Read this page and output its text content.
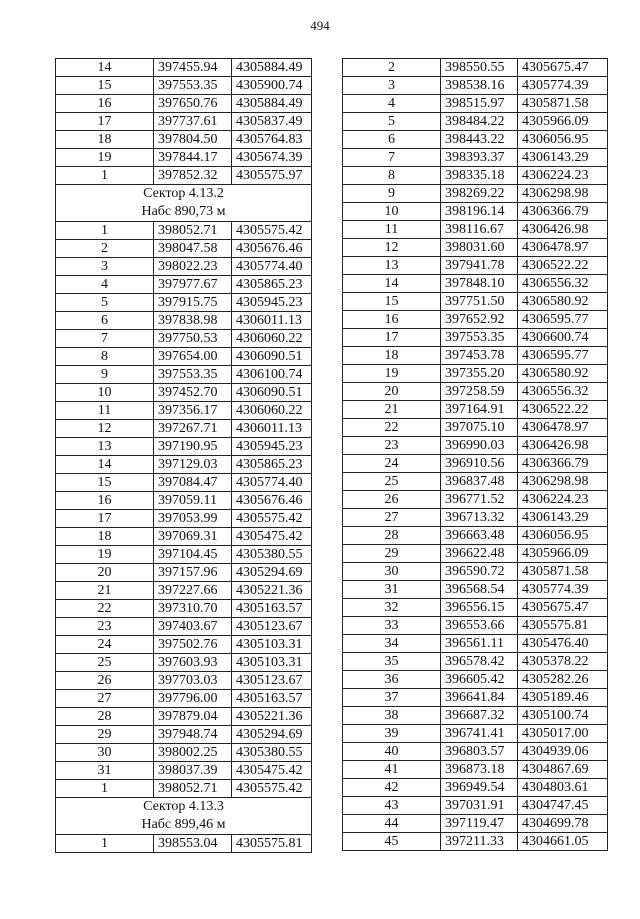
494
14	397455.94	4305884.49
15	397553.35	4305900.74
16	397650.76	4305884.49
17	397737.61	4305837.49
18	397804.50	4305764.83
19	397844.17	4305674.39
1	397852.32	4305575.97
Сектор 4.13.2		
Набс 890,73 м		
1	398052.71	4305575.42
2	398047.58	4305676.46
3	398022.23	4305774.40
4	397977.67	4305865.23
5	397915.75	4305945.23
6	397838.98	4306011.13
7	397750.53	4306060.22
8	397654.00	4306090.51
9	397553.35	4306100.74
10	397452.70	4306090.51
11	397356.17	4306060.22
12	397267.71	4306011.13
13	397190.95	4305945.23
14	397129.03	4305865.23
15	397084.47	4305774.40
16	397059.11	4305676.46
17	397053.99	4305575.42
18	397069.31	4305475.42
19	397104.45	4305380.55
20	397157.96	4305294.69
21	397227.66	4305221.36
22	397310.70	4305163.57
23	397403.67	4305123.67
24	397502.76	4305103.31
25	397603.93	4305103.31
26	397703.03	4305123.67
27	397796.00	4305163.57
28	397879.04	4305221.36
29	397948.74	4305294.69
30	398002.25	4305380.55
31	398037.39	4305475.42
1	398052.71	4305575.42
Сектор 4.13.3		
Набс 899,46 м		
1	398553.04	4305575.81
2	398550.55	4305675.47
3	398538.16	4305774.39
4	398515.97	4305871.58
5	398484.22	4305966.09
6	398443.22	4306056.95
7	398393.37	4306143.29
8	398335.18	4306224.23
9	398269.22	4306298.98
10	398196.14	4306366.79
11	398116.67	4306426.98
12	398031.60	4306478.97
13	397941.78	4306522.22
14	397848.10	4306556.32
15	397751.50	4306580.92
16	397652.92	4306595.77
17	397553.35	4306600.74
18	397453.78	4306595.77
19	397355.20	4306580.92
20	397258.59	4306556.32
21	397164.91	4306522.22
22	397075.10	4306478.97
23	396990.03	4306426.98
24	396910.56	4306366.79
25	396837.48	4306298.98
26	396771.52	4306224.23
27	396713.32	4306143.29
28	396663.48	4306056.95
29	396622.48	4305966.09
30	396590.72	4305871.58
31	396568.54	4305774.39
32	396556.15	4305675.47
33	396553.66	4305575.81
34	396561.11	4305476.40
35	396578.42	4305378.22
36	396605.42	4305282.26
37	396641.84	4305189.46
38	396687.32	4305100.74
39	396741.41	4305017.00
40	396803.57	4304939.06
41	396873.18	4304867.69
42	396949.54	4304803.61
43	397031.91	4304747.45
44	397119.47	4304699.78
45	397211.33	4304661.05
